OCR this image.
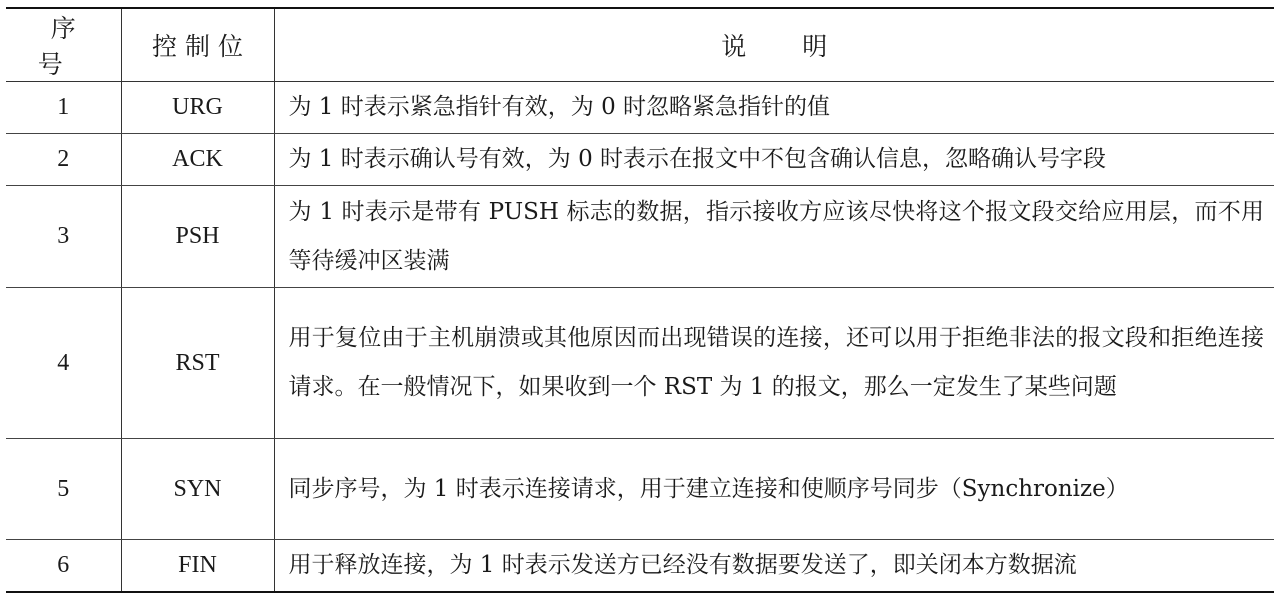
序号	控制位	说明
1	URG	为 1 时表示紧急指针有效，为 0 时忽略紧急指针的值
2	ACK	为 1 时表示确认号有效，为 0 时表示在报文中不包含确认信息，忽略确认号字段
3	PSH	为 1 时表示是带有 PUSH 标志的数据，指示接收方应该尽快将这个报文段交给应用层，而不用等待缓冲区装满
4	RST	用于复位由于主机崩溃或其他原因而出现错误的连接，还可以用于拒绝非法的报文段和拒绝连接请求。在一般情况下，如果收到一个 RST 为 1 的报文，那么一定发生了某些问题
5	SYN	同步序号，为 1 时表示连接请求，用于建立连接和使顺序号同步（Synchronize）
6	FIN	用于释放连接，为 1 时表示发送方已经没有数据要发送了，即关闭本方数据流
